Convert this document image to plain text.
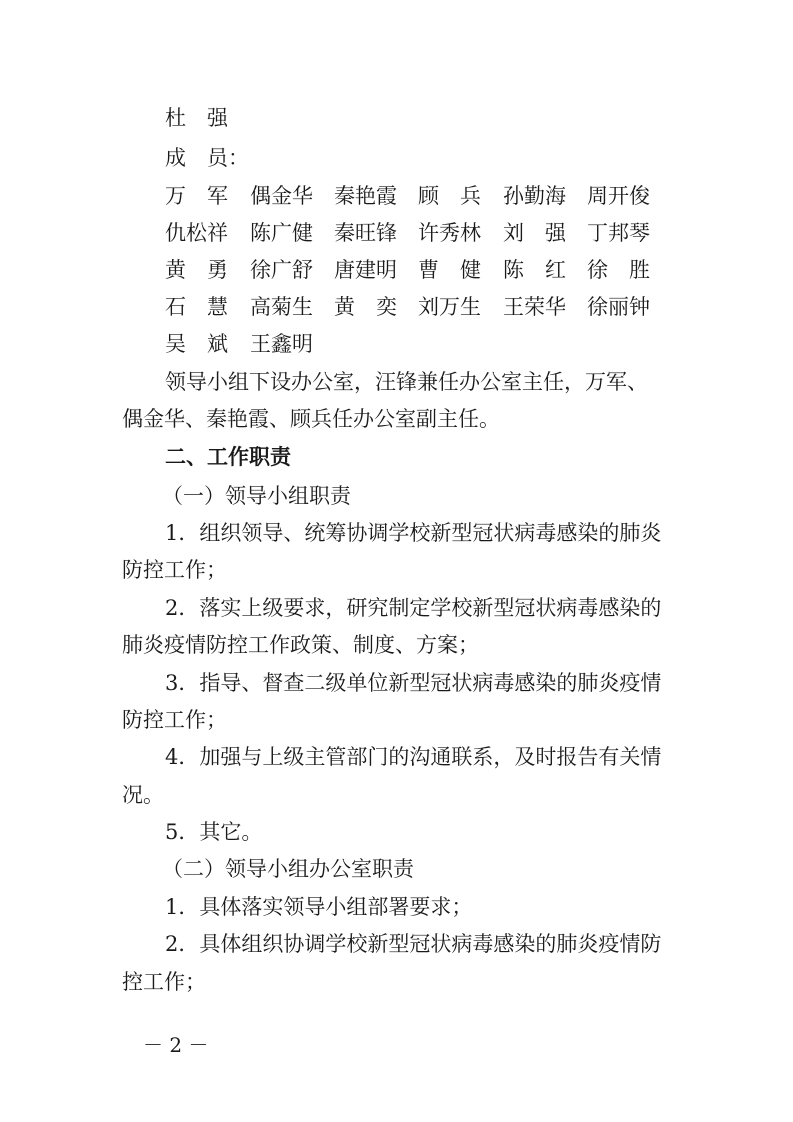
杜　强
成　员：
万　军 偶金华 秦艳霞 顾　兵 孙勤海 周开俊
仇松祥 陈广健 秦旺锋 许秀林 刘　强 丁邦琴
黄　勇 徐广舒 唐建明 曹　健 陈　红 徐　胜
石　慧 高菊生 黄　奕 刘万生 王荣华 徐丽钟
吴　斌 王鑫明
领导小组下设办公室，汪锋兼任办公室主任，万军、
偶金华、秦艳霞、顾兵任办公室副主任。
二、工作职责
（一）领导小组职责
1．组织领导、统筹协调学校新型冠状病毒感染的肺炎
防控工作；
2．落实上级要求，研究制定学校新型冠状病毒感染的
肺炎疫情防控工作政策、制度、方案；
3．指导、督查二级单位新型冠状病毒感染的肺炎疫情
防控工作；
4．加强与上级主管部门的沟通联系，及时报告有关情
况。
5．其它。
（二）领导小组办公室职责
1．具体落实领导小组部署要求；
2．具体组织协调学校新型冠状病毒感染的肺炎疫情防
控工作；
－ 2 －
